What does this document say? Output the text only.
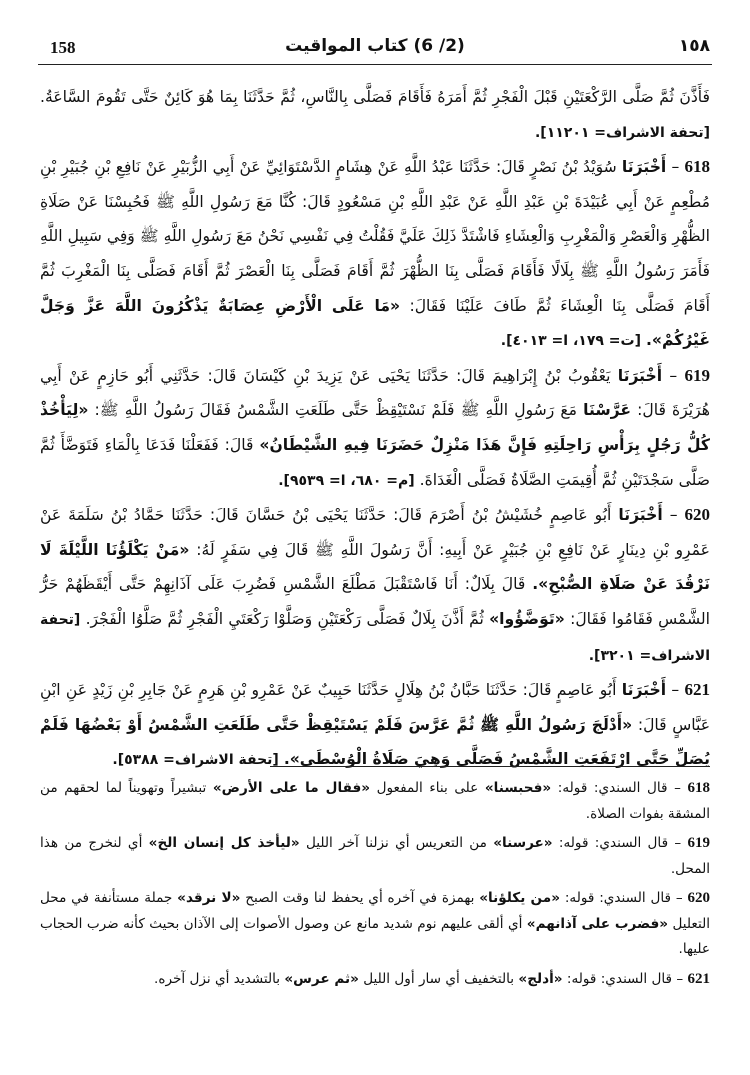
158	(2/ 6) كتاب المواقيت	١٥٨

فَأَذَّنَ ثُمَّ صَلَّى الرَّكْعَتَيْنِ قَبْلَ الْفَجْرِ ثُمَّ أَمَرَهُ فَأَقَامَ فَصَلَّى بِالنَّاسِ، ثُمَّ حَدَّثَنَا بِمَا هُوَ كَائِنٌ حَتَّى تَقُومَ السَّاعَةُ. [تحفة الاشراف= ١١٢٠١].

618 – أَخْبَرَنَا سُوَيْدُ بْنُ نَصْرٍ قَالَ: حَدَّثَنَا عَبْدُ اللَّهِ عَنْ هِشَامٍ الدَّسْتَوَائِيِّ عَنْ أَبِي الزُّبَيْرِ عَنْ نَافِعِ بْنِ جُبَيْرِ بْنِ مُطْعِمٍ عَنْ أَبِي عُبَيْدَةَ بْنِ عَبْدِ اللَّهِ عَنْ عَبْدِ اللَّهِ بْنِ مَسْعُودٍ قَالَ: كُنَّا مَعَ رَسُولِ اللَّهِ ﷺ فَحُبِسْنَا عَنْ صَلَاةِ الظُّهْرِ وَالْعَصْرِ وَالْمَغْرِبِ وَالْعِشَاءِ فَاشْتَدَّ ذَلِكَ عَلَيَّ فَقُلْتُ فِي نَفْسِي نَحْنُ مَعَ رَسُولِ اللَّهِ ﷺ وَفِي سَبِيلِ اللَّهِ فَأَمَرَ رَسُولُ اللَّهِ ﷺ بِلَالًا فَأَقَامَ فَصَلَّى بِنَا الظُّهْرَ ثُمَّ أَقَامَ فَصَلَّى بِنَا الْعَصْرَ ثُمَّ أَقَامَ فَصَلَّى بِنَا الْمَغْرِبَ ثُمَّ أَقَامَ فَصَلَّى بِنَا الْعِشَاءَ ثُمَّ طَافَ عَلَيْنَا فَقَالَ: «مَا عَلَى الْأَرْضِ عِصَابَةٌ يَذْكُرُونَ اللَّهَ عَزَّ وَجَلَّ غَيْرُكُمْ». [ت= ١٧٩، ا= ٤٠١٣].

619 – أَخْبَرَنَا يَعْقُوبُ بْنُ إِبْرَاهِيمَ قَالَ: حَدَّثَنَا يَحْيَى عَنْ يَزِيدَ بْنِ كَيْسَانَ قَالَ: حَدَّثَنِي أَبُو حَازِمٍ عَنْ أَبِي هُرَيْرَةَ قَالَ: عَرَّسْنَا مَعَ رَسُولِ اللَّهِ ﷺ فَلَمْ نَسْتَيْقِظْ حَتَّى طَلَعَتِ الشَّمْسُ فَقَالَ رَسُولُ اللَّهِ ﷺ: «لِيَأْخُذْ كُلُّ رَجُلٍ بِرَأْسِ رَاحِلَتِهِ فَإِنَّ هَذَا مَنْزِلٌ حَضَرَنَا فِيهِ الشَّيْطَانُ» قَالَ: فَفَعَلْنَا فَدَعَا بِالْمَاءِ فَتَوَضَّأَ ثُمَّ صَلَّى سَجْدَتَيْنِ ثُمَّ أُقِيمَتِ الصَّلَاةُ فَصَلَّى الْغَدَاةَ. [م= ٦٨٠، ا= ٩٥٣٩].

620 – أَخْبَرَنَا أَبُو عَاصِمٍ خُشَيْشُ بْنُ أَصْرَمَ قَالَ: حَدَّثَنَا يَحْيَى بْنُ حَسَّانَ قَالَ: حَدَّثَنَا حَمَّادُ بْنُ سَلَمَةَ عَنْ عَمْرِو بْنِ دِينَارٍ عَنْ نَافِعِ بْنِ جُبَيْرٍ عَنْ أَبِيهِ: أَنَّ رَسُولَ اللَّهِ ﷺ قَالَ فِي سَفَرٍ لَهُ: «مَنْ يَكْلَؤُنَا اللَّيْلَةَ لَا نَرْقُدَ عَنْ صَلَاةِ الصُّبْحِ». قَالَ بِلَالٌ: أَنَا فَاسْتَقْبَلَ مَطْلَعَ الشَّمْسِ فَضُرِبَ عَلَى آذَانِهِمْ حَتَّى أَيْقَظَهُمْ حَرُّ الشَّمْسِ فَقَامُوا فَقَالَ: «تَوَضَّؤُوا» ثُمَّ أَذَّنَ بِلَالٌ فَصَلَّى رَكْعَتَيْنِ وَصَلَّوْا رَكْعَتَيِ الْفَجْرِ ثُمَّ صَلَّوُا الْفَجْرَ. [تحفة الاشراف= ٣٢٠١].

621 – أَخْبَرَنَا أَبُو عَاصِمٍ قَالَ: حَدَّثَنَا حَبَّانُ بْنُ هِلَالٍ حَدَّثَنَا حَبِيبٌ عَنْ عَمْرِو بْنِ هَرِمٍ عَنْ جَابِرِ بْنِ زَيْدٍ عَنِ ابْنِ عَبَّاسٍ قَالَ: «أَدْلَجَ رَسُولُ اللَّهِ ﷺ ثُمَّ عَرَّسَ فَلَمْ يَسْتَيْقِظْ حَتَّى طَلَعَتِ الشَّمْسُ أَوْ بَعْضُهَا فَلَمْ يُصَلِّ حَتَّى ارْتَفَعَتِ الشَّمْسُ فَصَلَّى وَهِيَ صَلَاةُ الْوُسْطَى». [تحفة الاشراف= ٥٣٨٨].

618 – قال السندي: قوله: «فحبسنا» على بناء المفعول «فقال ما على الأرض» تبشيراً وتهويناً لما لحقهم من المشقة بفوات الصلاة.

619 – قال السندي: قوله: «عرسنا» من التعريس أي نزلنا آخر الليل «ليأخذ كل إنسان الخ» أي لنخرج من هذا المحل.

620 – قال السندي: قوله: «من يكلؤنا» بهمزة في آخره أي يحفظ لنا وقت الصبح «لا نرقد» جملة مستأنفة في محل التعليل «فضرب على آذانهم» أي ألقى عليهم نوم شديد مانع عن وصول الأصوات إلى الآذان بحيث كأنه ضرب الحجاب عليها.

621 – قال السندي: قوله: «أدلج» بالتخفيف أي سار أول الليل «ثم عرس» بالتشديد أي نزل آخره.
